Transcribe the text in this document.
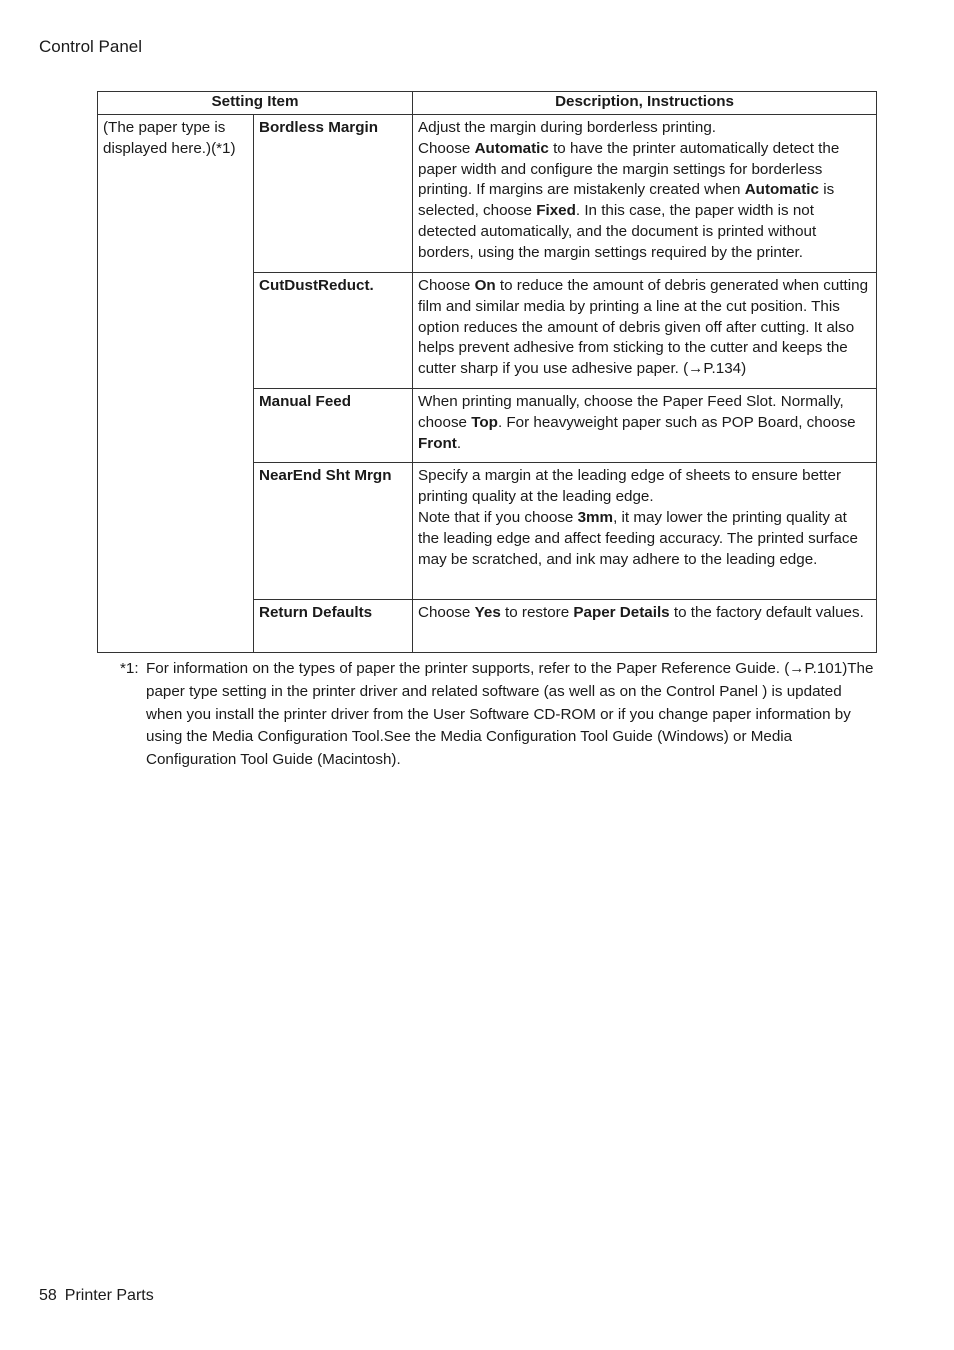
Control Panel
Setting Item		Description, Instructions
(The paper type is displayed here.)(*1)	Bordless Margin	Adjust the margin during borderless printing.
Choose Automatic to have the printer automatically detect the paper width and configure the margin settings for borderless printing. If margins are mistakenly created when Automatic is selected, choose Fixed. In this case, the paper width is not detected automatically, and the document is printed without borders, using the margin settings required by the printer.
	CutDustReduct.	Choose On to reduce the amount of debris generated when cutting film and similar media by printing a line at the cut position. This option reduces the amount of debris given off after cutting. It also helps prevent adhesive from sticking to the cutter and keeps the cutter sharp if you use adhesive paper. (→P.134)
	Manual Feed	When printing manually, choose the Paper Feed Slot. Normally, choose Top. For heavyweight paper such as POP Board, choose Front.
	NearEnd Sht Mrgn	Specify a margin at the leading edge of sheets to ensure better printing quality at the leading edge.
Note that if you choose 3mm, it may lower the printing quality at the leading edge and affect feeding accuracy. The printed surface may be scratched, and ink may adhere to the leading edge.
	Return Defaults	Choose Yes to restore Paper Details to the factory default values.
*1: For information on the types of paper the printer supports, refer to the Paper Reference Guide. (→P.101)The paper type setting in the printer driver and related software (as well as on the Control Panel ) is updated when you install the printer driver from the User Software CD-ROM or if you change paper information by using the Media Configuration Tool.See the Media Configuration Tool Guide (Windows) or Media Configuration Tool Guide (Macintosh).
58 Printer Parts
